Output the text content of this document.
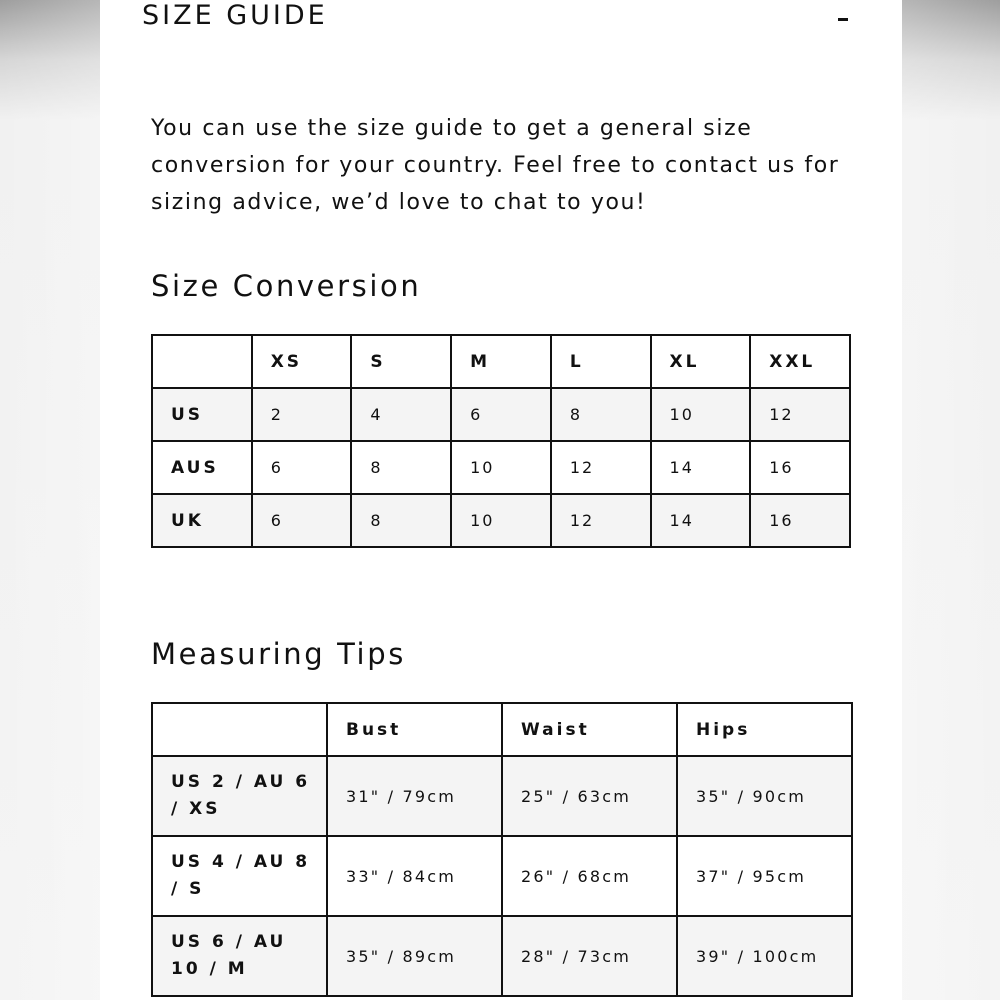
SIZE GUIDE

You can use the size guide to get a general size conversion for your country. Feel free to contact us for sizing advice, we’d love to chat to you!

Size Conversion
	XS	S	M	L	XL	XXL
US	2	4	6	8	10	12
AUS	6	8	10	12	14	16
UK	6	8	10	12	14	16
Measuring Tips
	Bust	Waist	Hips
US 2 / AU 6 / XS	31" / 79cm	25" / 63cm	35" / 90cm
US 4 / AU 8 / S	33" / 84cm	26" / 68cm	37" / 95cm
US 6 / AU 10 / M	35" / 89cm	28" / 73cm	39" / 100cm
